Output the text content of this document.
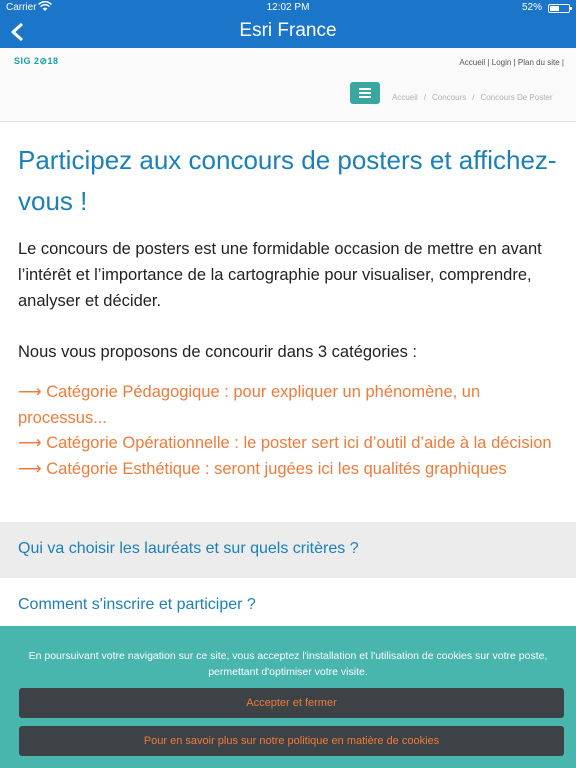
Carrier	12:02 PM	52%
Esri France
SIG 2⊘18	Accueil | Login | Plan du site |
Accueil / Concours / Concours De Poster
Participez aux concours de posters et affichez-vous !

Le concours de posters est une formidable occasion de mettre en avant l’intérêt et l’importance de la cartographie pour visualiser, comprendre, analyser et décider.

Nous vous proposons de concourir dans 3 catégories :

⟶ Catégorie Pédagogique : pour expliquer un phénomène, un processus...
⟶ Catégorie Opérationnelle : le poster sert ici d’outil d’aide à la décision
⟶ Catégorie Esthétique : seront jugées ici les qualités graphiques
Qui va choisir les lauréats et sur quels critères ?
Comment s'inscrire et participer ?
En poursuivant votre navigation sur ce site, vous acceptez l'installation et l'utilisation de cookies sur votre poste, permettant d'optimiser votre visite.
Accepter et fermer
Pour en savoir plus sur notre politique en matière de cookies
